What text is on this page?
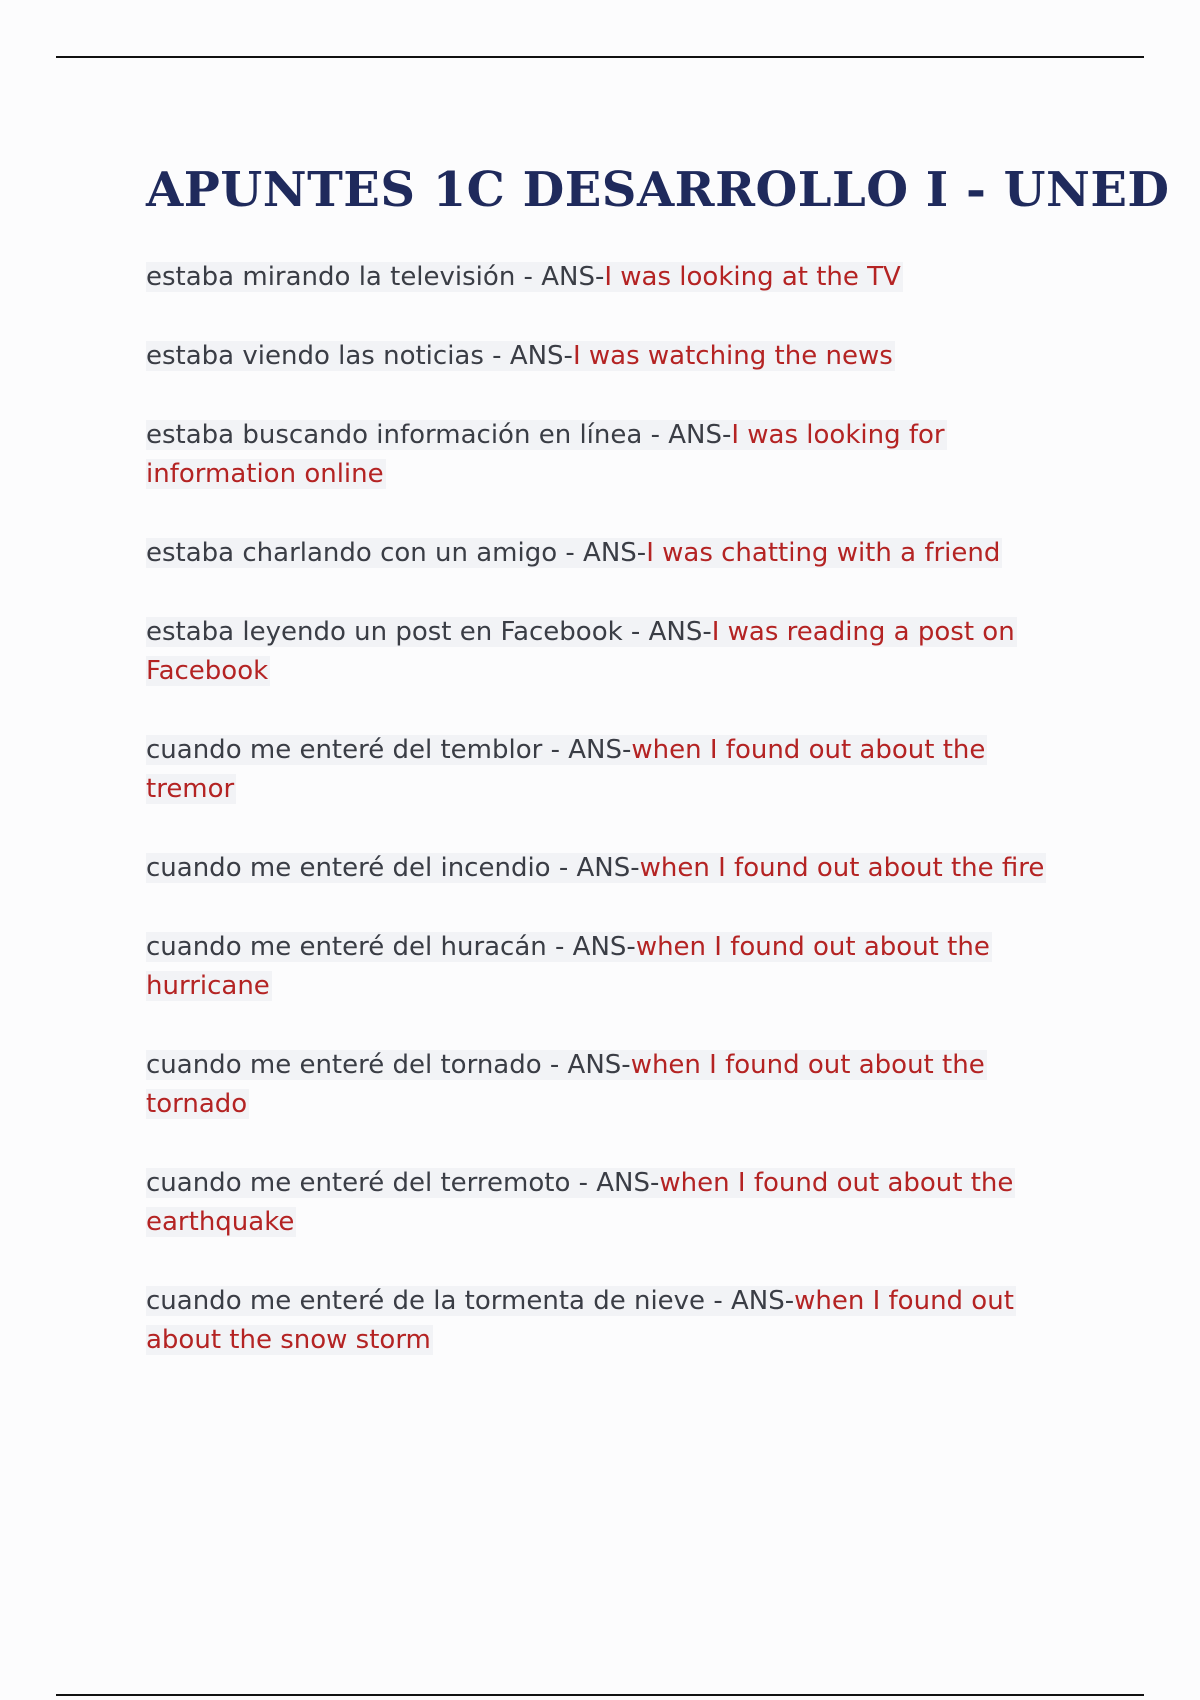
APUNTES 1C DESARROLLO I - UNED
estaba mirando la televisión - ANS-I was looking at the TV
estaba viendo las noticias - ANS-I was watching the news
estaba buscando información en línea - ANS-I was looking for information online
estaba charlando con un amigo - ANS-I was chatting with a friend
estaba leyendo un post en Facebook - ANS-I was reading a post on Facebook
cuando me enteré del temblor - ANS-when I found out about the tremor
cuando me enteré del incendio - ANS-when I found out about the fire
cuando me enteré del huracán - ANS-when I found out about the hurricane
cuando me enteré del tornado - ANS-when I found out about the tornado
cuando me enteré del terremoto - ANS-when I found out about the earthquake
cuando me enteré de la tormenta de nieve - ANS-when I found out about the snow storm
